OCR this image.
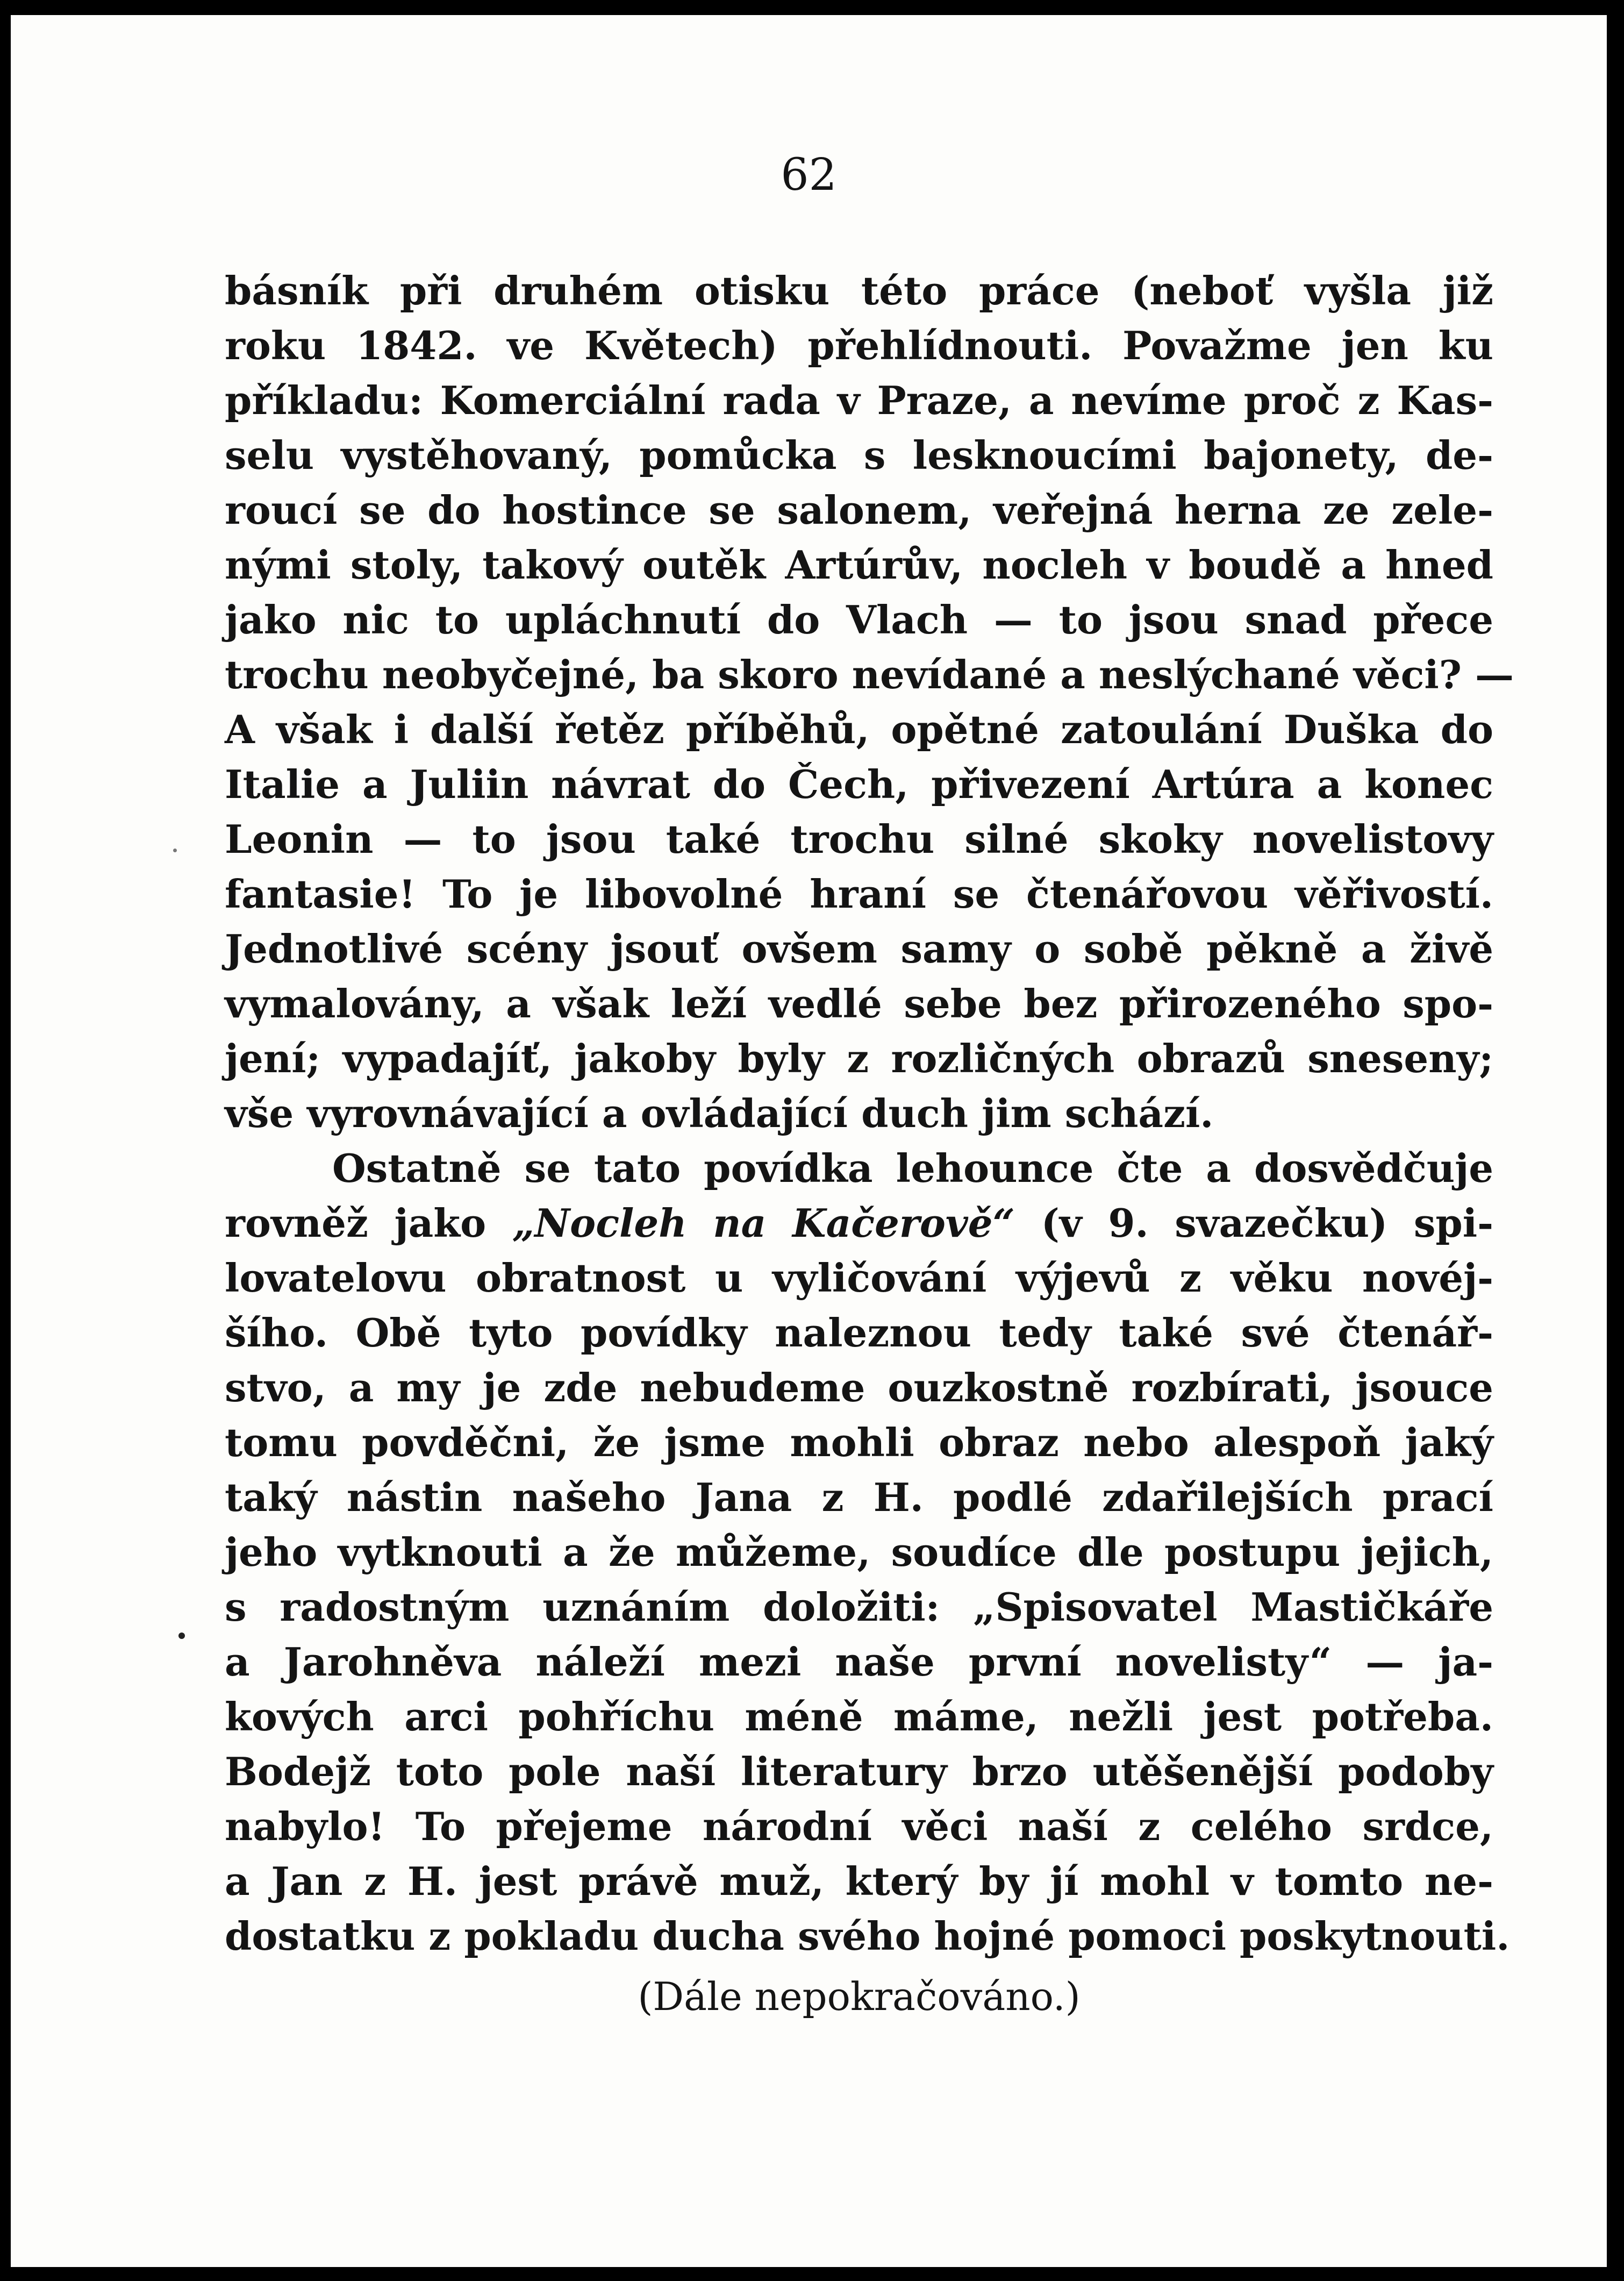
62
básník při druhém otisku této práce (neboť vyšla již
roku 1842. ve Květech) přehlídnouti. Považme jen ku
příkladu: Komerciální rada v Praze, a nevíme proč z Kas-
selu vystěhovaný, pomůcka s lesknoucími bajonety, de-
roucí se do hostince se salonem, veřejná herna ze zele-
nými stoly, takový outěk Artúrův, nocleh v boudě a hned
jako nic to upláchnutí do Vlach — to jsou snad přece
trochu neobyčejné, ba skoro nevídané a neslýchané věci? —
A však i další řetěz příběhů, opětné zatoulání Duška do
Italie a Juliin návrat do Čech, přivezení Artúra a konec
Leonin — to jsou také trochu silné skoky novelistovy
fantasie! To je libovolné hraní se čtenářovou věřivostí.
Jednotlivé scény jsouť ovšem samy o sobě pěkně a živě
vymalovány, a však leží vedlé sebe bez přirozeného spo-
jení; vypadajíť, jakoby byly z rozličných obrazů sneseny;
vše vyrovnávající a ovládající duch jim schází.
Ostatně se tato povídka lehounce čte a dosvědčuje
rovněž jako „Nocleh na Kačerově“ (v 9. svazečku) spi-
lovatelovu obratnost u vyličování výjevů z věku novéj-
šího. Obě tyto povídky naleznou tedy také své čtenář-
stvo, a my je zde nebudeme ouzkostně rozbírati, jsouce
tomu povděčni, že jsme mohli obraz nebo alespoň jaký
taký nástin našeho Jana z H. podlé zdařilejších prací
jeho vytknouti a že můžeme, soudíce dle postupu jejich,
s radostným uznáním doložiti: „Spisovatel Mastičkáře
a Jarohněva náleží mezi naše první novelisty“ — ja-
kových arci pohříchu méně máme, nežli jest potřeba.
Bodejž toto pole naší literatury brzo utěšenější podoby
nabylo! To přejeme národní věci naší z celého srdce,
a Jan z H. jest právě muž, který by jí mohl v tomto ne-
dostatku z pokladu ducha svého hojné pomoci poskytnouti.
(Dále nepokračováno.)
